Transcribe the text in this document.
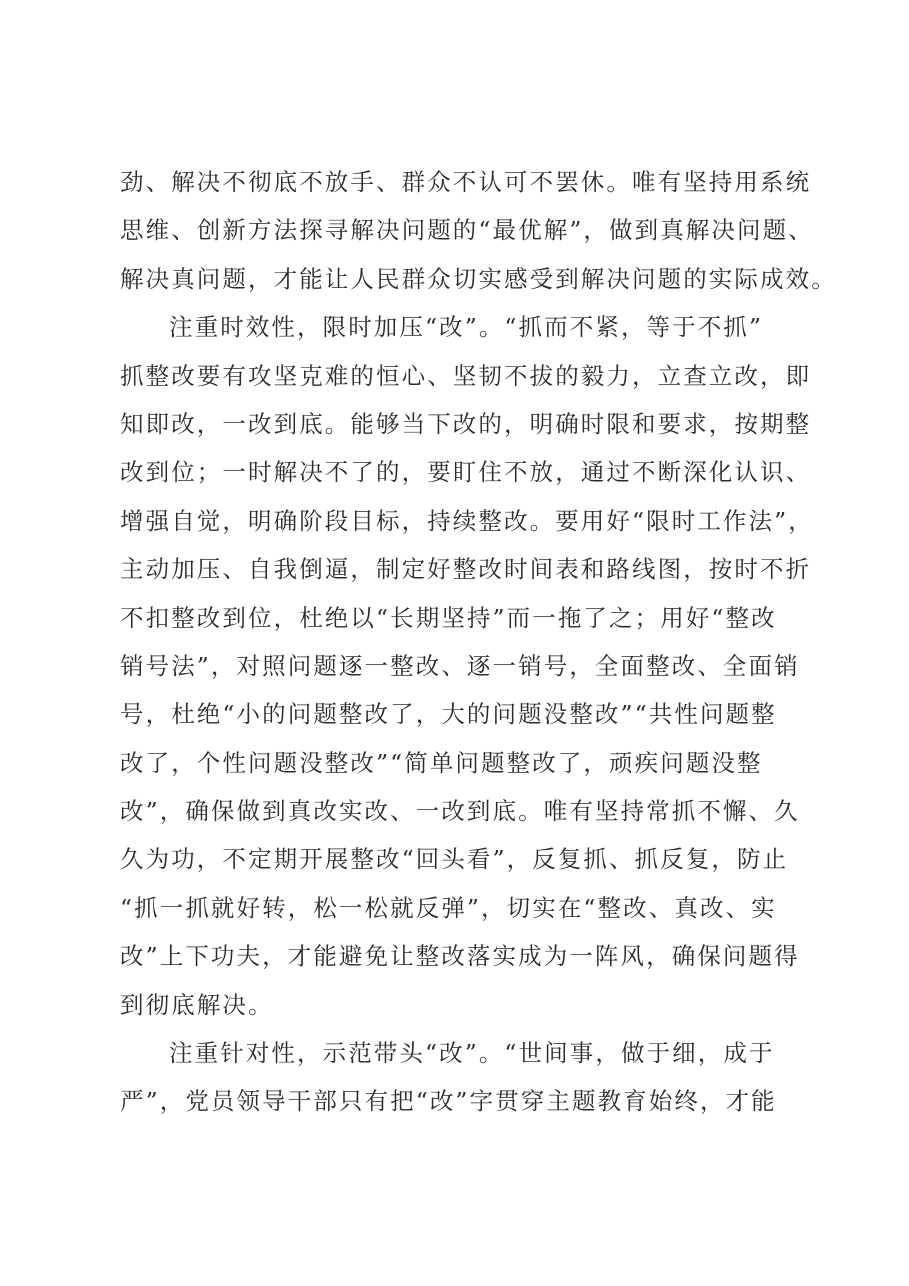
劲、解决不彻底不放手、群众不认可不罢休。唯有坚持用系统
思维、创新方法探寻解决问题的“最优解”，做到真解决问题、
解决真问题，才能让人民群众切实感受到解决问题的实际成效。
注重时效性，限时加压“改”。“抓而不紧，等于不抓”
抓整改要有攻坚克难的恒心、坚韧不拔的毅力，立查立改，即
知即改，一改到底。能够当下改的，明确时限和要求，按期整
改到位；一时解决不了的，要盯住不放，通过不断深化认识、
增强自觉，明确阶段目标，持续整改。要用好“限时工作法”，
主动加压、自我倒逼，制定好整改时间表和路线图，按时不折
不扣整改到位，杜绝以“长期坚持”而一拖了之；用好“整改
销号法”，对照问题逐一整改、逐一销号，全面整改、全面销
号，杜绝“小的问题整改了，大的问题没整改”“共性问题整
改了，个性问题没整改”“简单问题整改了，顽疾问题没整
改”，确保做到真改实改、一改到底。唯有坚持常抓不懈、久
久为功，不定期开展整改“回头看”，反复抓、抓反复，防止
“抓一抓就好转，松一松就反弹”，切实在“整改、真改、实
改”上下功夫，才能避免让整改落实成为一阵风，确保问题得
到彻底解决。
注重针对性，示范带头“改”。“世间事，做于细，成于
严”，党员领导干部只有把“改”字贯穿主题教育始终，才能
